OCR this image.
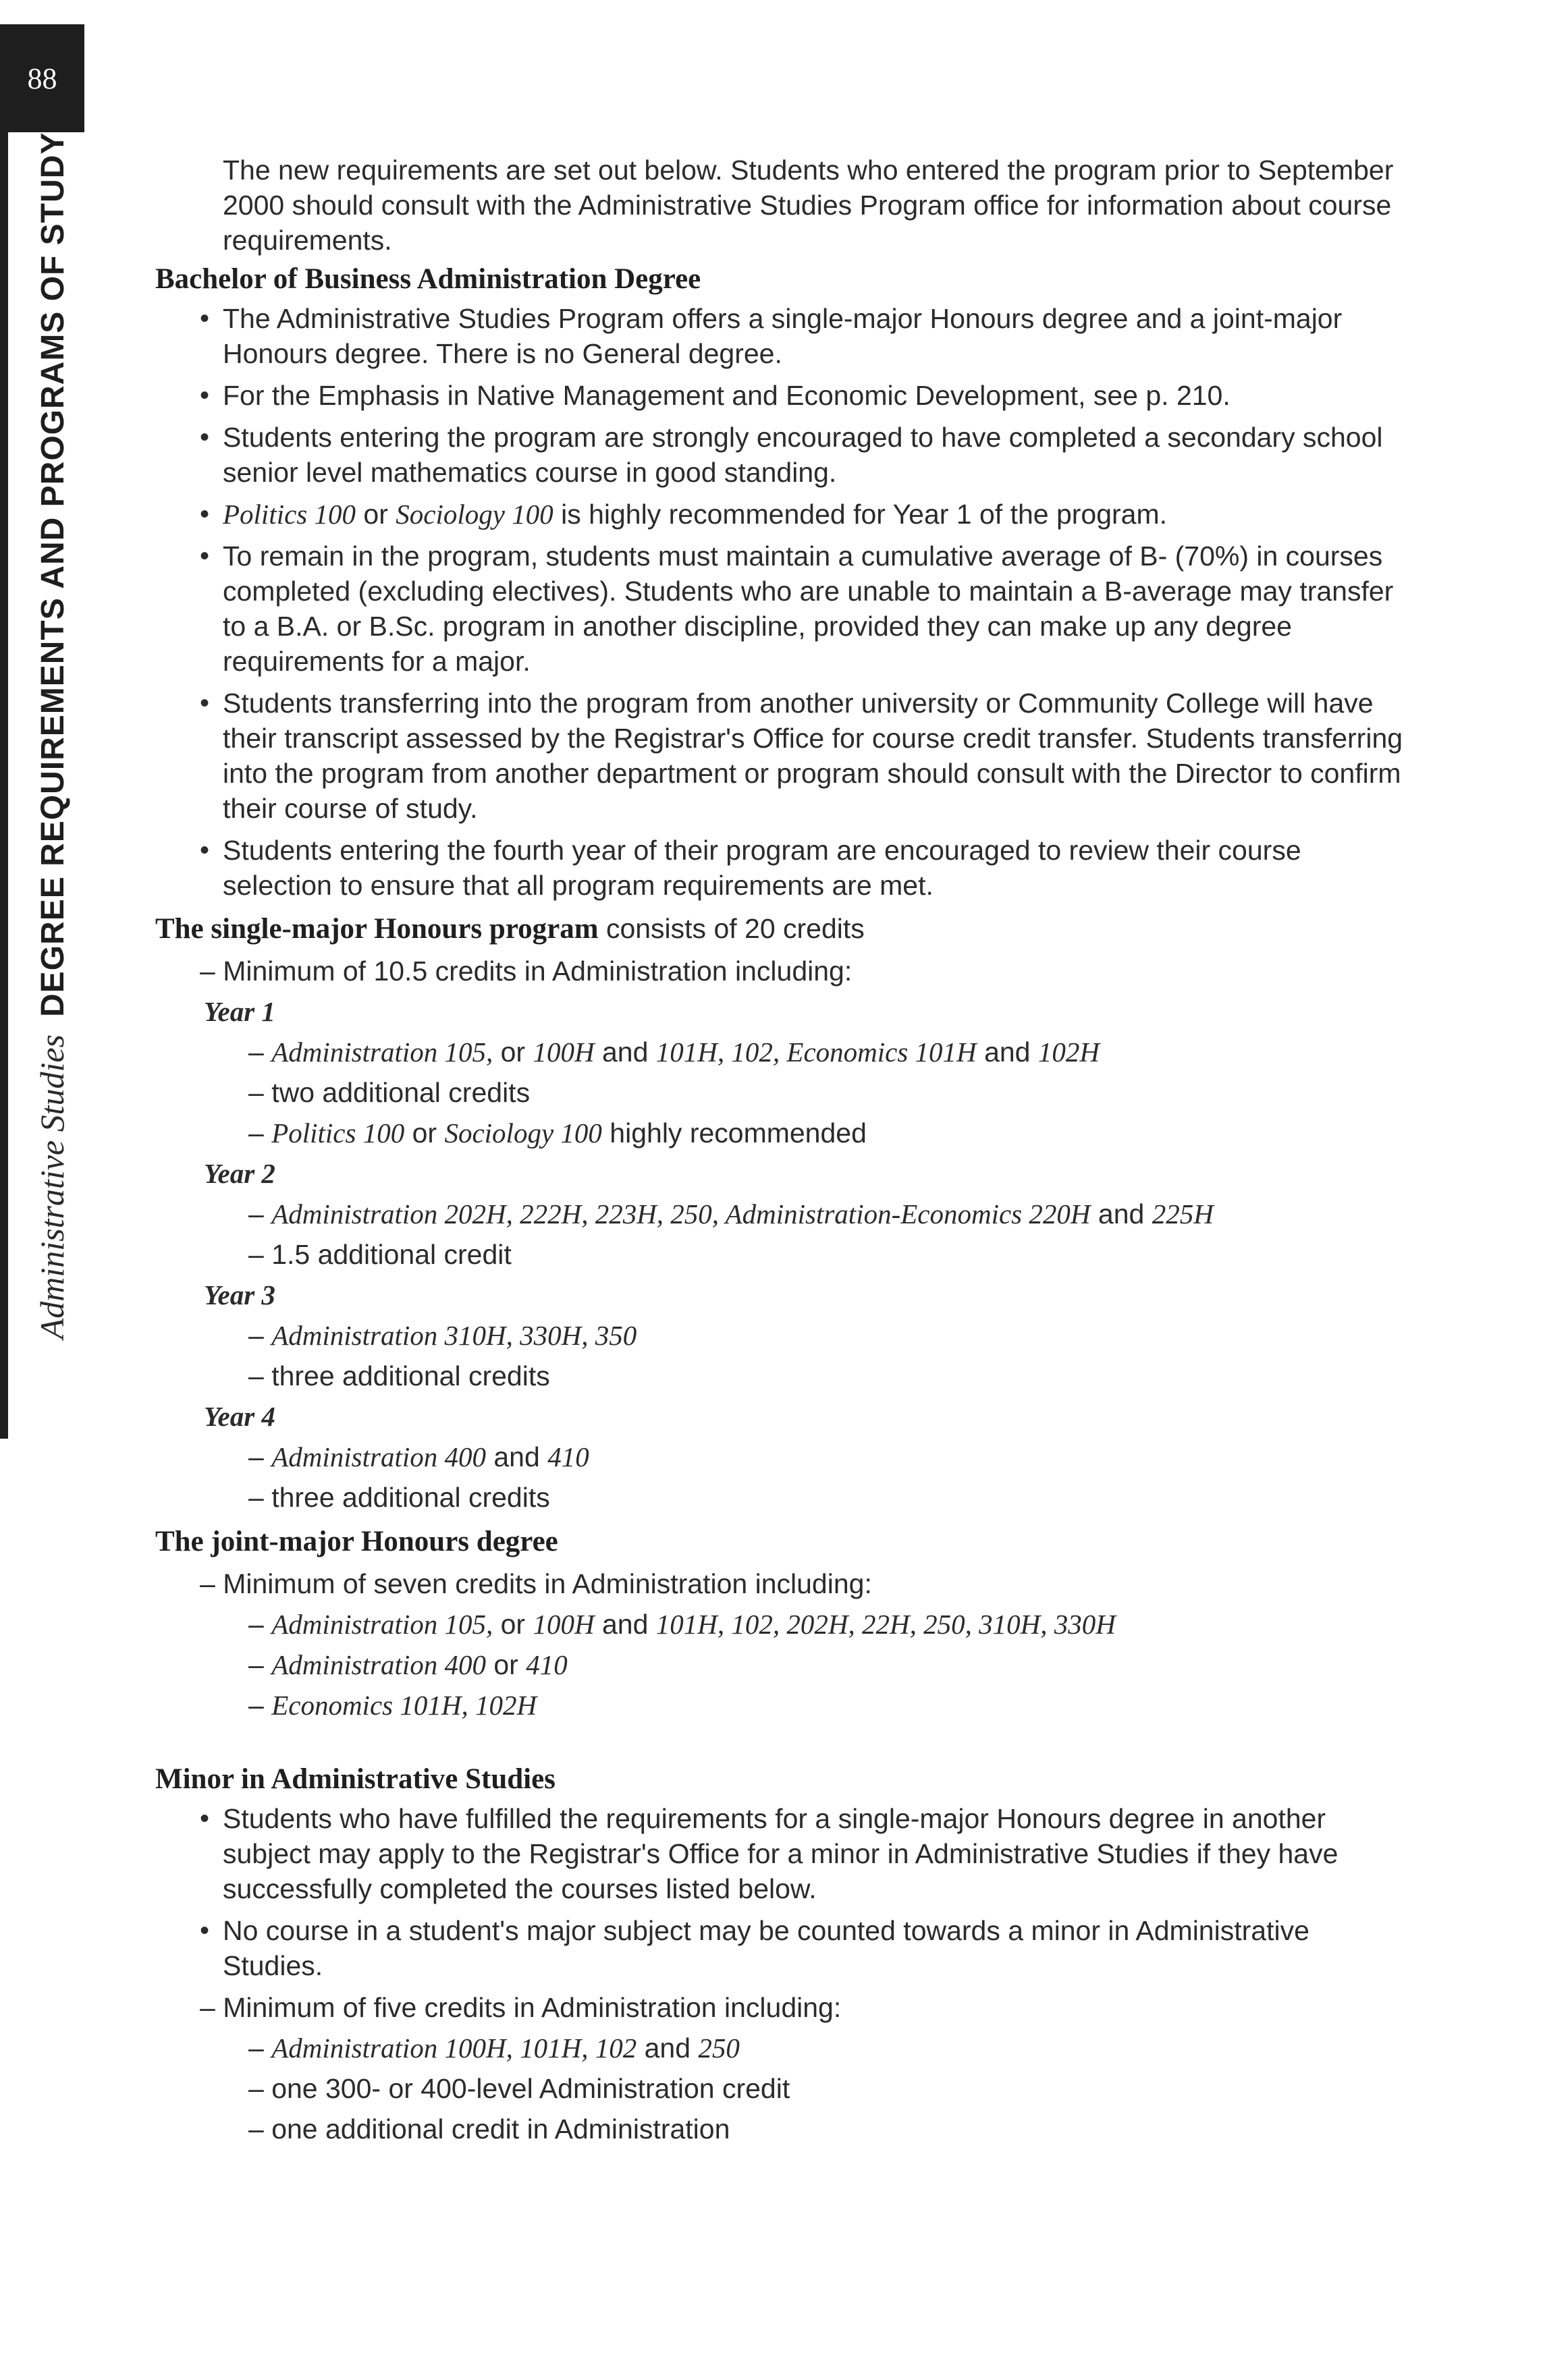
88
Administrative Studies
DEGREE REQUIREMENTS AND PROGRAMS OF STUDY	The new requirements are set out below. Students who entered the program prior to September 2000 should consult with the Administrative Studies Program office for information about course requirements.

Bachelor of Business Administration Degree
• The Administrative Studies Program offers a single-major Honours degree and a joint-major Honours degree. There is no General degree.
• For the Emphasis in Native Management and Economic Development, see p. 210.
• Students entering the program are strongly encouraged to have completed a secondary school senior level mathematics course in good standing.
• Politics 100 or Sociology 100 is highly recommended for Year 1 of the program.
• To remain in the program, students must maintain a cumulative average of B- (70%) in courses completed (excluding electives). Students who are unable to maintain a B-average may transfer to a B.A. or B.Sc. program in another discipline, provided they can make up any degree requirements for a major.
• Students transferring into the program from another university or Community College will have their transcript assessed by the Registrar's Office for course credit transfer. Students transferring into the program from another department or program should consult with the Director to confirm their course of study.
• Students entering the fourth year of their program are encouraged to review their course selection to ensure that all program requirements are met.
The single-major Honours program consists of 20 credits

– Minimum of 10.5 credits in Administration including:

Year 1

– Administration 105, or 100H and 101H, 102, Economics 101H and 102H

– two additional credits

– Politics 100 or Sociology 100 highly recommended

Year 2

– Administration 202H, 222H, 223H, 250, Administration-Economics 220H and 225H

– 1.5 additional credit

Year 3

– Administration 310H, 330H, 350

– three additional credits

Year 4

– Administration 400 and 410

– three additional credits

The joint-major Honours degree

– Minimum of seven credits in Administration including:

– Administration 105, or 100H and 101H, 102, 202H, 22H, 250, 310H, 330H

– Administration 400 or 410

– Economics 101H, 102H

Minor in Administrative Studies
• Students who have fulfilled the requirements for a single-major Honours degree in another subject may apply to the Registrar's Office for a minor in Administrative Studies if they have successfully completed the courses listed below.
• No course in a student's major subject may be counted towards a minor in Administrative Studies.

– Minimum of five credits in Administration including:

– Administration 100H, 101H, 102 and 250

– one 300- or 400-level Administration credit

– one additional credit in Administration
